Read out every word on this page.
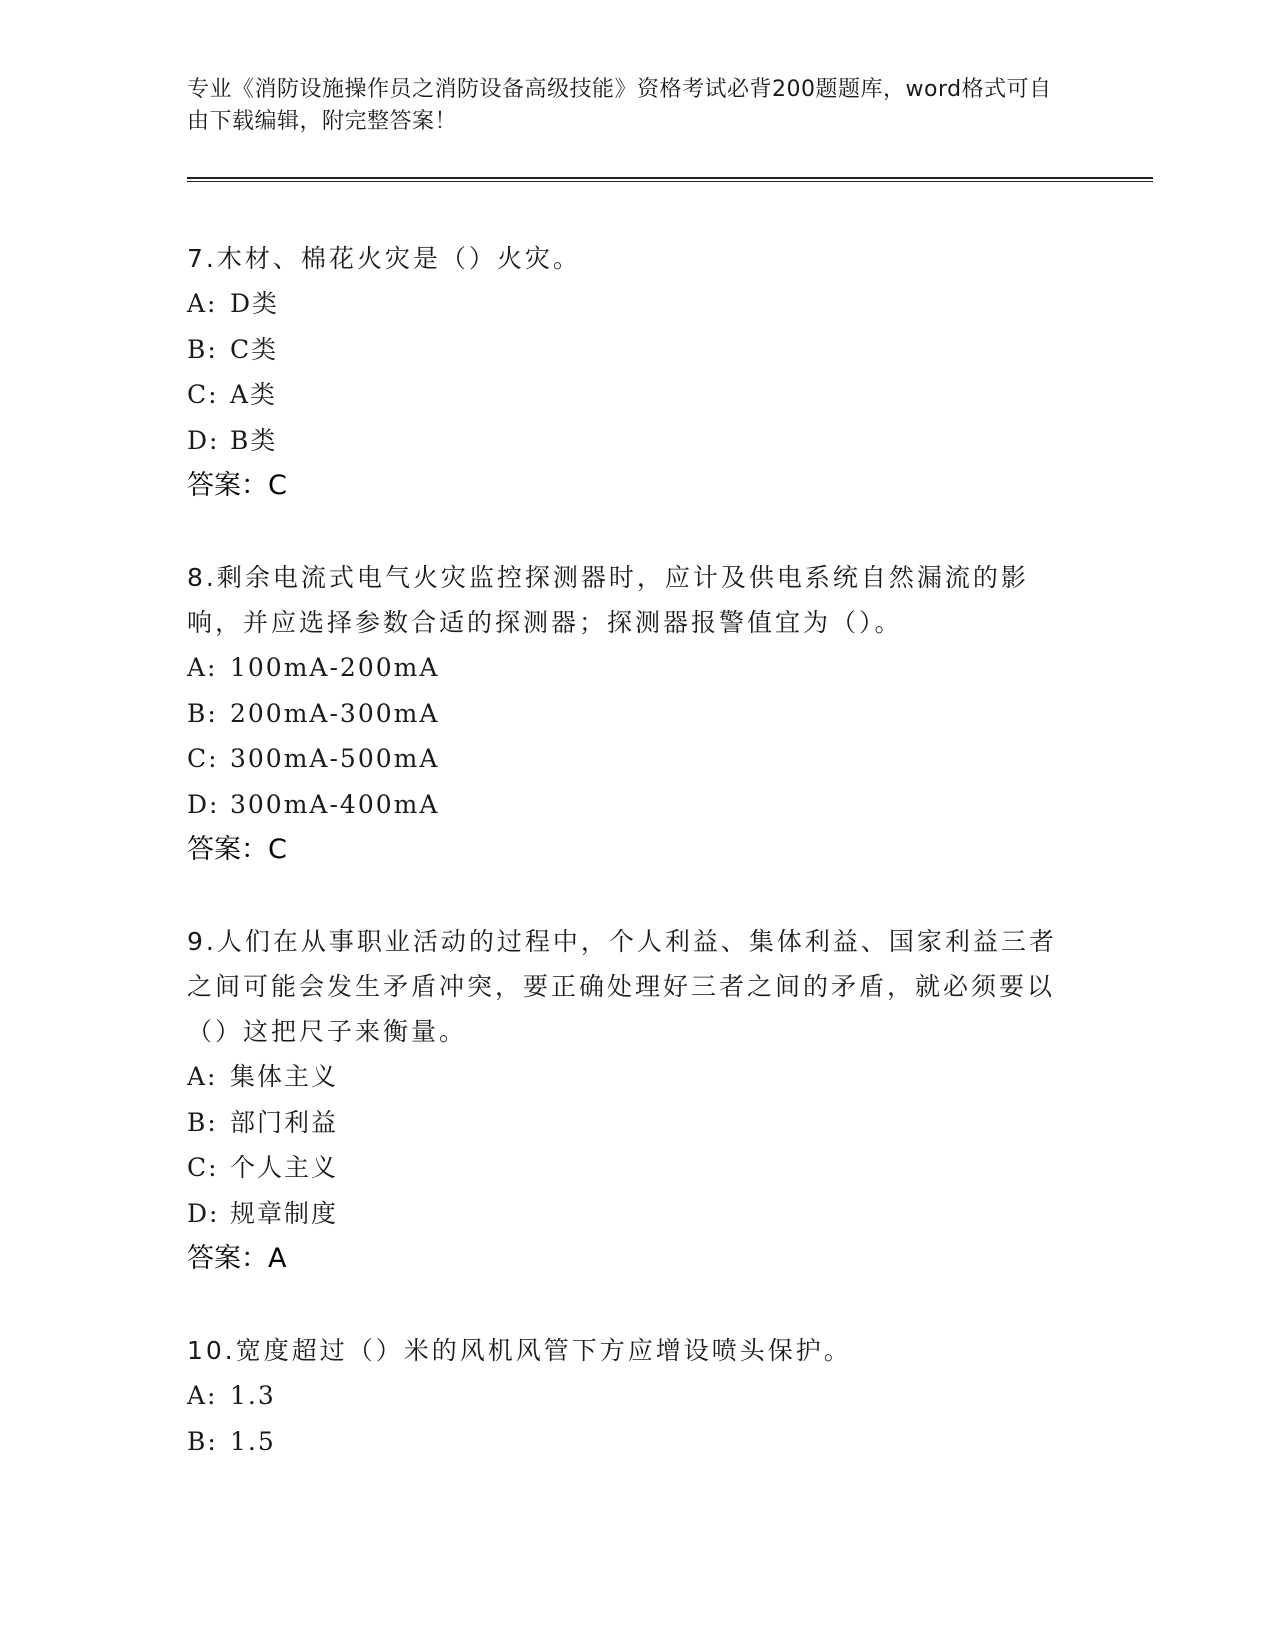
专业《消防设施操作员之消防设备高级技能》资格考试必背200题题库，word格式可自由下载编辑，附完整答案！
7.木材、棉花火灾是（）火灾。
A: D类
B: C类
C: A类
D: B类
答案：C
8.剩余电流式电气火灾监控探测器时，应计及供电系统自然漏流的影响，并应选择参数合适的探测器；探测器报警值宜为（）。
A: 100mA-200mA
B: 200mA-300mA
C: 300mA-500mA
D: 300mA-400mA
答案：C
9.人们在从事职业活动的过程中，个人利益、集体利益、国家利益三者之间可能会发生矛盾冲突，要正确处理好三者之间的矛盾，就必须要以（）这把尺子来衡量。
A: 集体主义
B: 部门利益
C: 个人主义
D: 规章制度
答案：A
10.宽度超过（）米的风机风管下方应增设喷头保护。
A: 1.3
B: 1.5
